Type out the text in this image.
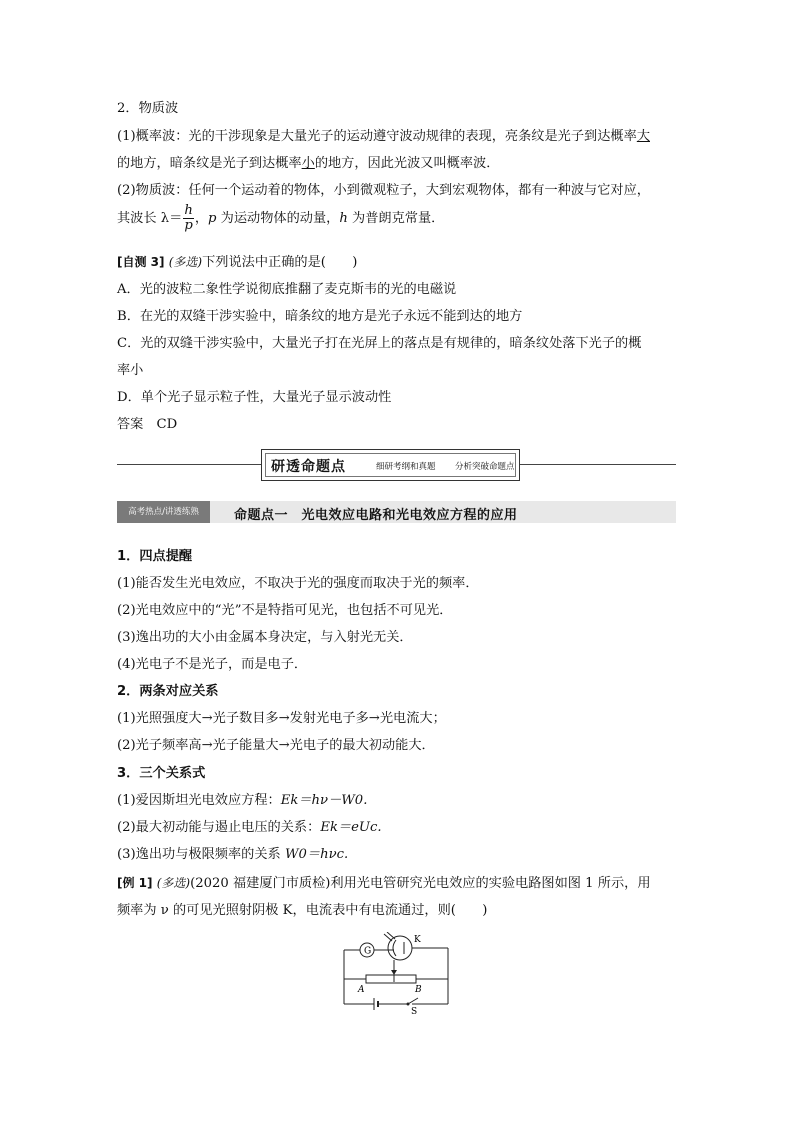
2．物质波
(1)概率波：光的干涉现象是大量光子的运动遵守波动规律的表现，亮条纹是光子到达概率大
的地方，暗条纹是光子到达概率小的地方，因此光波又叫概率波．
(2)物质波：任何一个运动着的物体，小到微观粒子，大到宏观物体，都有一种波与它对应，
其波长 $\lambda= \frac{h}{p}$ ，p 为运动物体的动量，h 为普朗克常量．
[自测 3] (多选)下列说法中正确的是(　　)
A．光的波粒二象性学说彻底推翻了麦克斯韦的光的电磁说
B．在光的双缝干涉实验中，暗条纹的地方是光子永远不能到达的地方
C．光的双缝干涉实验中，大量光子打在光屏上的落点是有规律的，暗条纹处落下光子的概
率小
D．单个光子显示粒子性，大量光子显示波动性
答案　CD
研透命题点	细研考纲和真题 分析突破命题点
高考热点/讲透练熟	命题点一　光电效应电路和光电效应方程的应用
1．四点提醒
(1)能否发生光电效应，不取决于光的强度而取决于光的频率．
(2)光电效应中的“光”不是特指可见光，也包括不可见光．
(3)逸出功的大小由金属本身决定，与入射光无关．
(4)光电子不是光子，而是电子．
2．两条对应关系
(1)光照强度大→光子数目多→发射光电子多→光电流大；
(2)光子频率高→光子能量大→光电子的最大初动能大．
3．三个关系式
(1)爱因斯坦光电效应方程：Ek＝hν－W0.
(2)最大初动能与遏止电压的关系：Ek＝eUc.
(3)逸出功与极限频率的关系 W0＝hνc.
[例 1] (多选)(2020 福建厦门市质检)利用光电管研究光电效应的实验电路图如图 1 所示，用
频率为 ν 的可见光照射阴极 K，电流表中有电流通过，则(　　)
G
K
A	B
S
